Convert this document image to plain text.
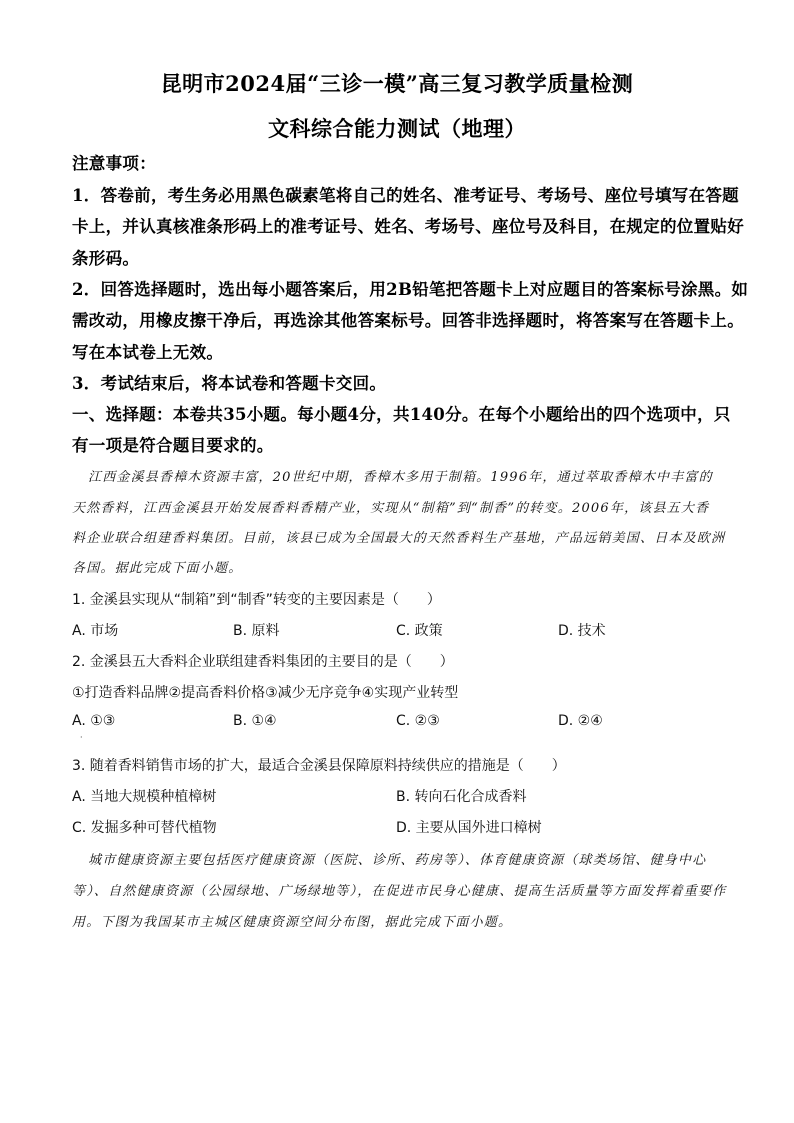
昆明市2024届“三诊一模”高三复习教学质量检测
文科综合能力测试（地理）
注意事项：
1．答卷前，考生务必用黑色碳素笔将自己的姓名、准考证号、考场号、座位号填写在答题
卡上，并认真核准条形码上的准考证号、姓名、考场号、座位号及科目，在规定的位置贴好
条形码。
2．回答选择题时，选出每小题答案后，用2B铅笔把答题卡上对应题目的答案标号涂黑。如
需改动，用橡皮擦干净后，再选涂其他答案标号。回答非选择题时，将答案写在答题卡上。
写在本试卷上无效。
3．考试结束后，将本试卷和答题卡交回。
一、选择题：本卷共35小题。每小题4分，共140分。在每个小题给出的四个选项中，只
有一项是符合题目要求的。
江西金溪县香樟木资源丰富，20世纪中期，香樟木多用于制箱。1996年，通过萃取香樟木中丰富的
天然香料，江西金溪县开始发展香料香精产业，实现从“制箱”到“制香”的转变。2006年，该县五大香
料企业联合组建香料集团。目前，该县已成为全国最大的天然香料生产基地，产品远销美国、日本及欧洲
各国。据此完成下面小题。
1. 金溪县实现从“制箱”到“制香”转变的主要因素是（　　）
A. 市场	B. 原料	C. 政策	D. 技术
2. 金溪县五大香料企业联组建香料集团的主要目的是（　　）
①打造香料品牌②提高香料价格③减少无序竞争④实现产业转型
A. ①③	B. ①④	C. ②③	D. ②④
·
3. 随着香料销售市场的扩大，最适合金溪县保障原料持续供应的措施是（　　）
A. 当地大规模种植樟树	B. 转向石化合成香料
C. 发掘多种可替代植物	D. 主要从国外进口樟树
城市健康资源主要包括医疗健康资源（医院、诊所、药房等）、体育健康资源（球类场馆、健身中心
等）、自然健康资源（公园绿地、广场绿地等），在促进市民身心健康、提高生活质量等方面发挥着重要作
用。下图为我国某市主城区健康资源空间分布图，据此完成下面小题。
